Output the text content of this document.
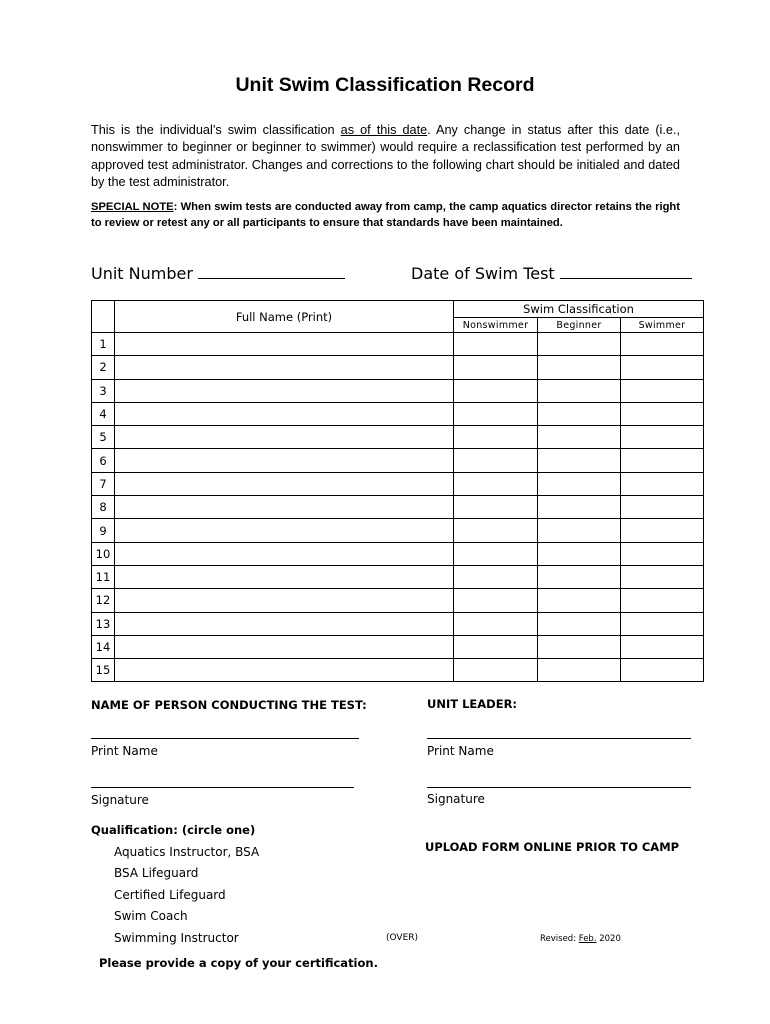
Unit Swim Classification Record
This is the individual’s swim classification as of this date. Any change in status after this date (i.e., nonswimmer to beginner or beginner to swimmer) would require a reclassification test performed by an approved test administrator. Changes and corrections to the following chart should be initialed and dated by the test administrator.
SPECIAL NOTE: When swim tests are conducted away from camp, the camp aquatics director retains the right to review or retest any or all participants to ensure that standards have been maintained.
Unit Number	Date of Swim Test
	Full Name (Print)	Swim Classification		
		Nonswimmer	Beginner	Swimmer
1				
2				
3				
4				
5				
6				
7				
8				
9				
10				
11				
12				
13				
14				
15				
NAME OF PERSON CONDUCTING THE TEST:
Print Name
Signature
UNIT LEADER:
Print Name
Signature
Qualification: (circle one)
Aquatics Instructor, BSA
BSA Lifeguard
Certified Lifeguard
Swim Coach
Swimming Instructor
UPLOAD FORM ONLINE PRIOR TO CAMP
(OVER)	Revised: Feb. 2020
Please provide a copy of your certification.
